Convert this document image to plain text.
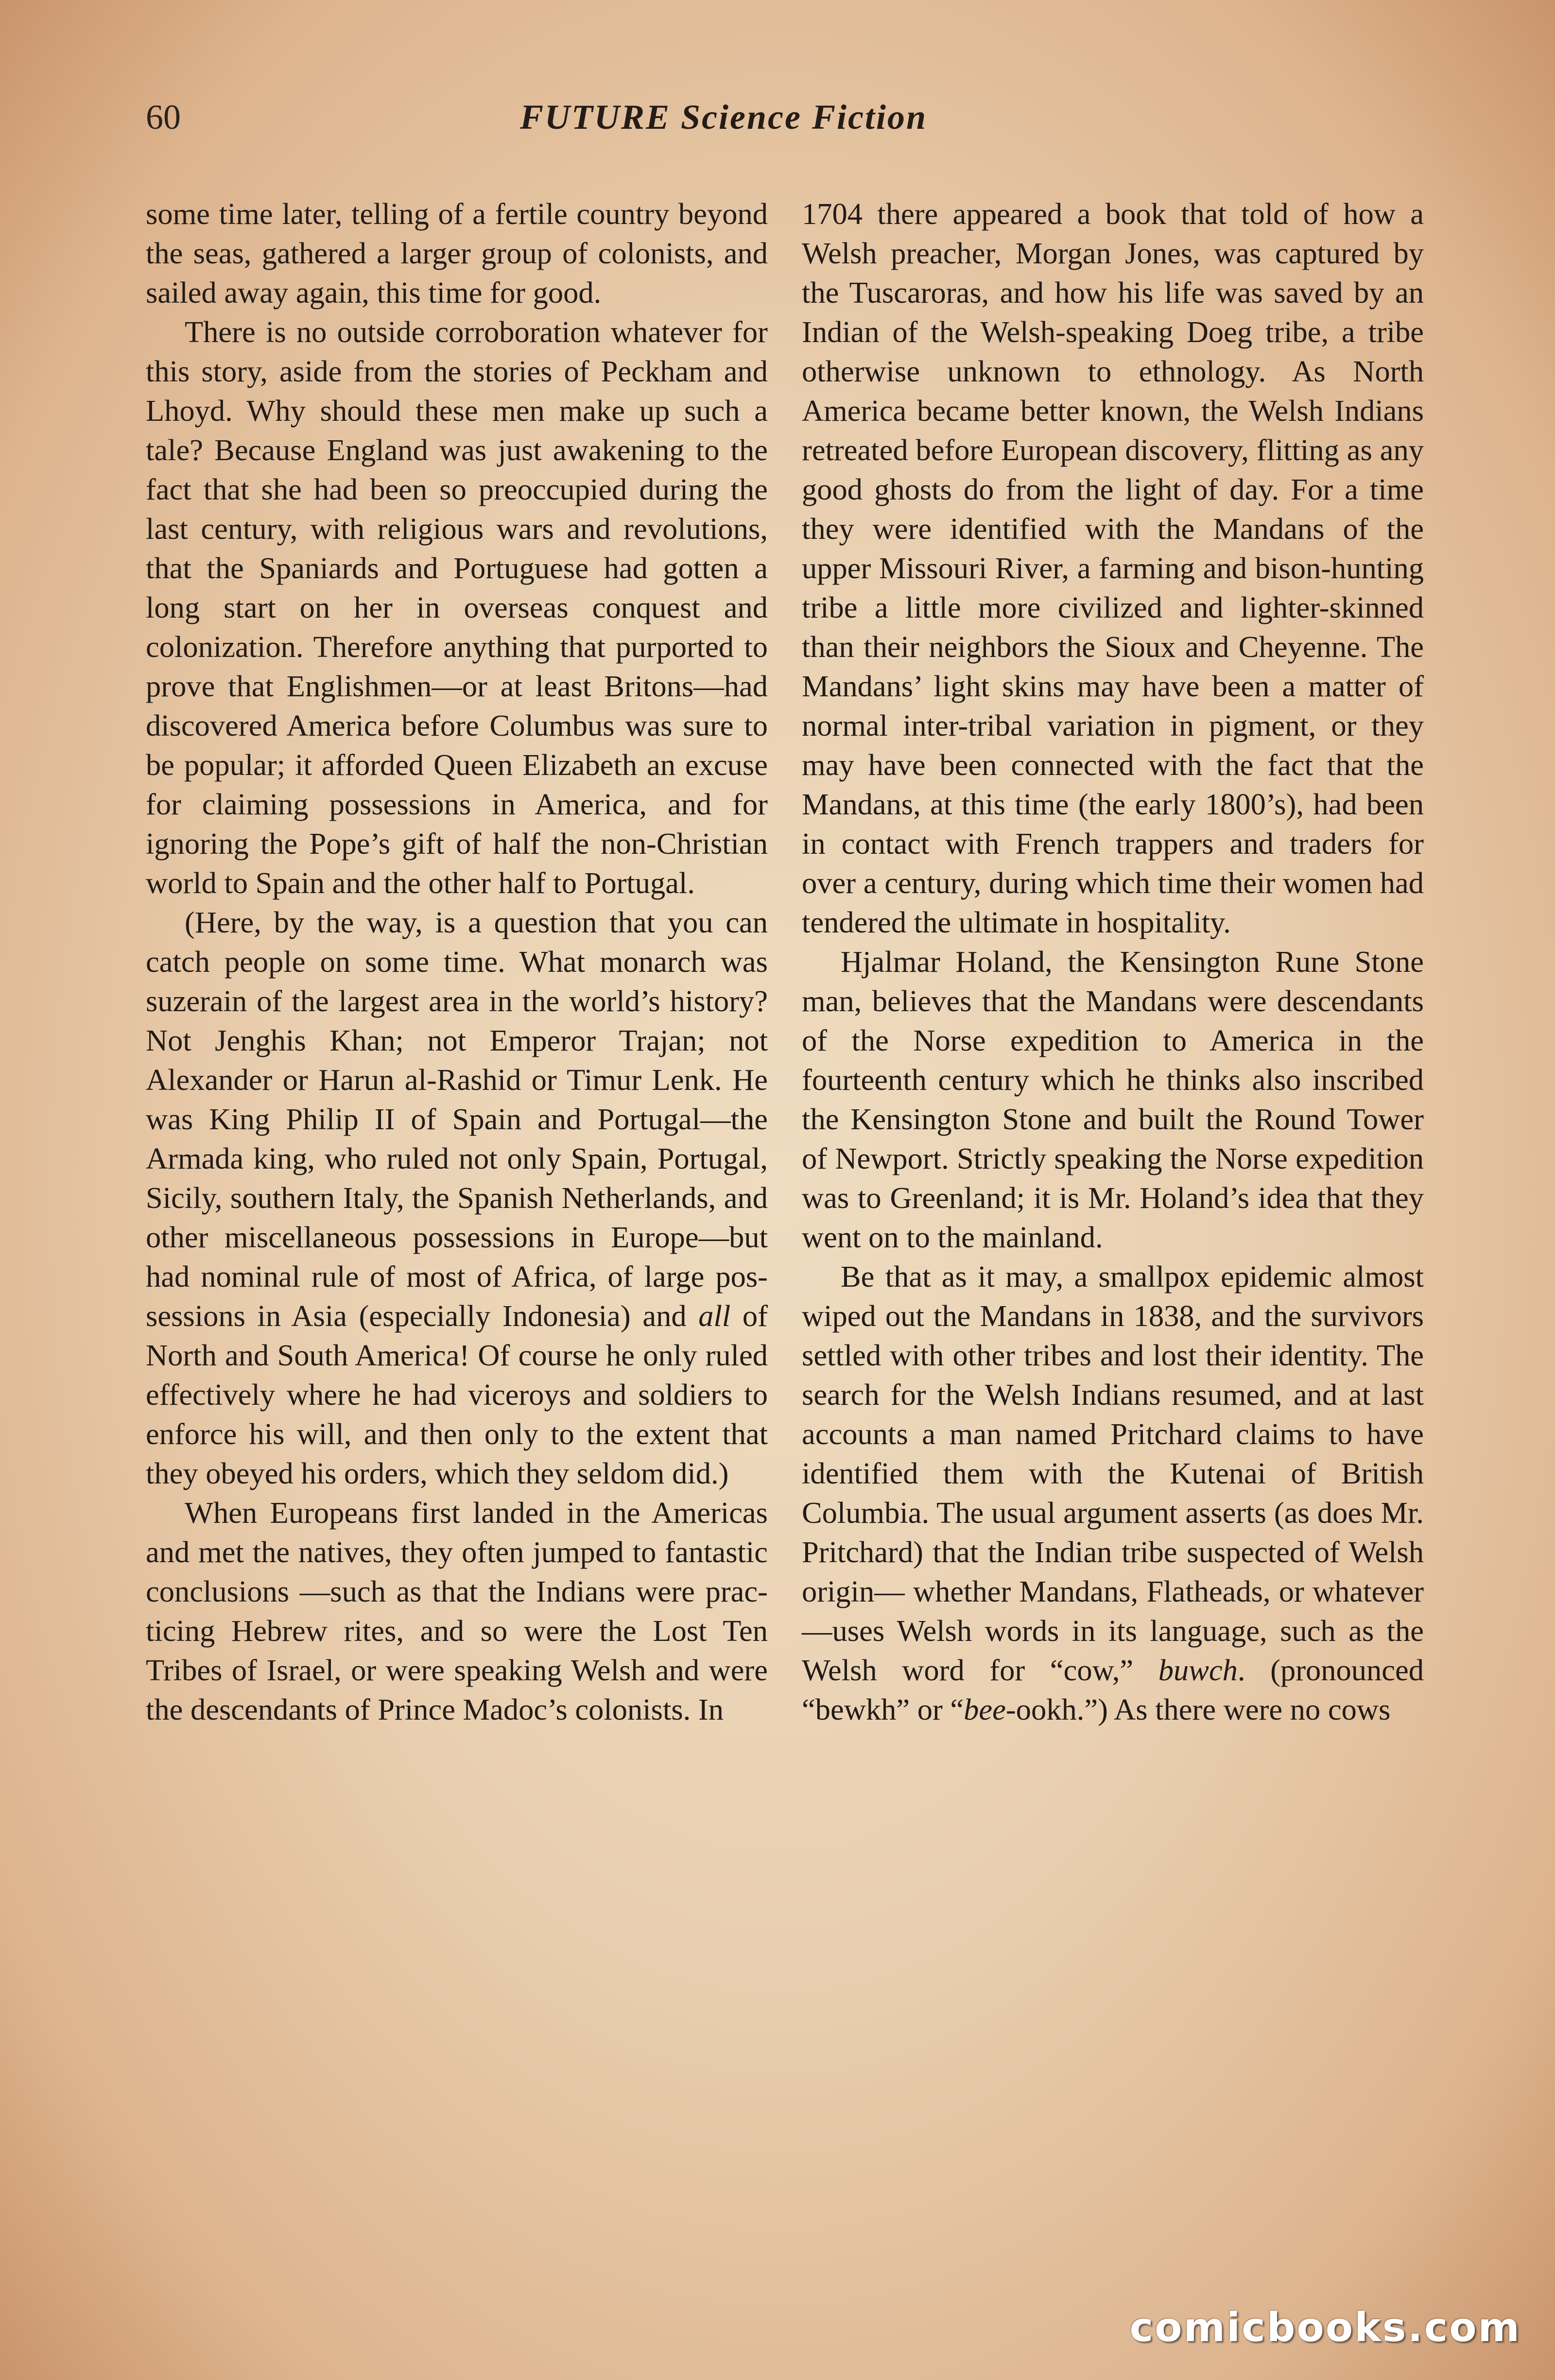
60	FUTURE Science Fiction

some time later, telling of a fertile country beyond the seas, gathered a larger group of colonists, and sailed away again, this time for good.

There is no outside corroboration whatever for this story, aside from the stories of Peckham and Lhoyd. Why should these men make up such a tale? Because England was just awakening to the fact that she had been so preoccupied during the last century, with religious wars and revolutions, that the Spaniards and Portuguese had gotten a long start on her in overseas conquest and colonization. Therefore anything that purported to prove that Englishmen—or at least Britons—had discovered America before Columbus was sure to be popular; it afforded Queen Elizabeth an excuse for claiming possessions in America, and for ignoring the Pope’s gift of half the non-Christian world to Spain and the other half to Portugal.

(Here, by the way, is a question that you can catch people on some time. What monarch was suzerain of the largest area in the world’s history? Not Jenghis Khan; not Emperor Trajan; not Alexander or Harun al-Rashid or Timur Lenk. He was King Philip II of Spain and Portugal—the Armada king, who ruled not only Spain, Portugal, Sicily, southern Italy, the Spanish Netherlands, and other miscellaneous possessions in Europe—but had nominal rule of most of Africa, of large possessions in Asia (especially Indonesia) and all of North and South America! Of course he only ruled effectively where he had viceroys and soldiers to enforce his will, and then only to the extent that they obeyed his orders, which they seldom did.)

When Europeans first landed in the Americas and met the natives, they often jumped to fantastic conclusions —such as that the Indians were practicing Hebrew rites, and so were the Lost Ten Tribes of Israel, or were speaking Welsh and were the descendants of Prince Madoc’s colonists. In

1704 there appeared a book that told of how a Welsh preacher, Morgan Jones, was captured by the Tuscaroras, and how his life was saved by an Indian of the Welsh-speaking Doeg tribe, a tribe otherwise unknown to ethnology. As North America became better known, the Welsh Indians retreated before European discovery, flitting as any good ghosts do from the light of day. For a time they were identified with the Mandans of the upper Missouri River, a farming and bison-hunting tribe a little more civilized and lighter-skinned than their neighbors the Sioux and Cheyenne. The Mandans’ light skins may have been a matter of normal inter-tribal variation in pigment, or they may have been connected with the fact that the Mandans, at this time (the early 1800’s), had been in contact with French trappers and traders for over a century, during which time their women had tendered the ultimate in hospitality.

Hjalmar Holand, the Kensington Rune Stone man, believes that the Mandans were descendants of the Norse expedition to America in the fourteenth century which he thinks also inscribed the Kensington Stone and built the Round Tower of Newport. Strictly speaking the Norse expedition was to Greenland; it is Mr. Holand’s idea that they went on to the mainland.

Be that as it may, a smallpox epidemic almost wiped out the Mandans in 1838, and the survivors settled with other tribes and lost their identity. The search for the Welsh Indians resumed, and at last accounts a man named Pritchard claims to have identified them with the Kutenai of British Columbia. The usual argument asserts (as does Mr. Pritchard) that the Indian tribe suspected of Welsh origin— whether Mandans, Flatheads, or whatever—uses Welsh words in its language, such as the Welsh word for “cow,” buwch. (pronounced “bewkh” or “bee-ookh.”) As there were no cows

comicbooks.com
